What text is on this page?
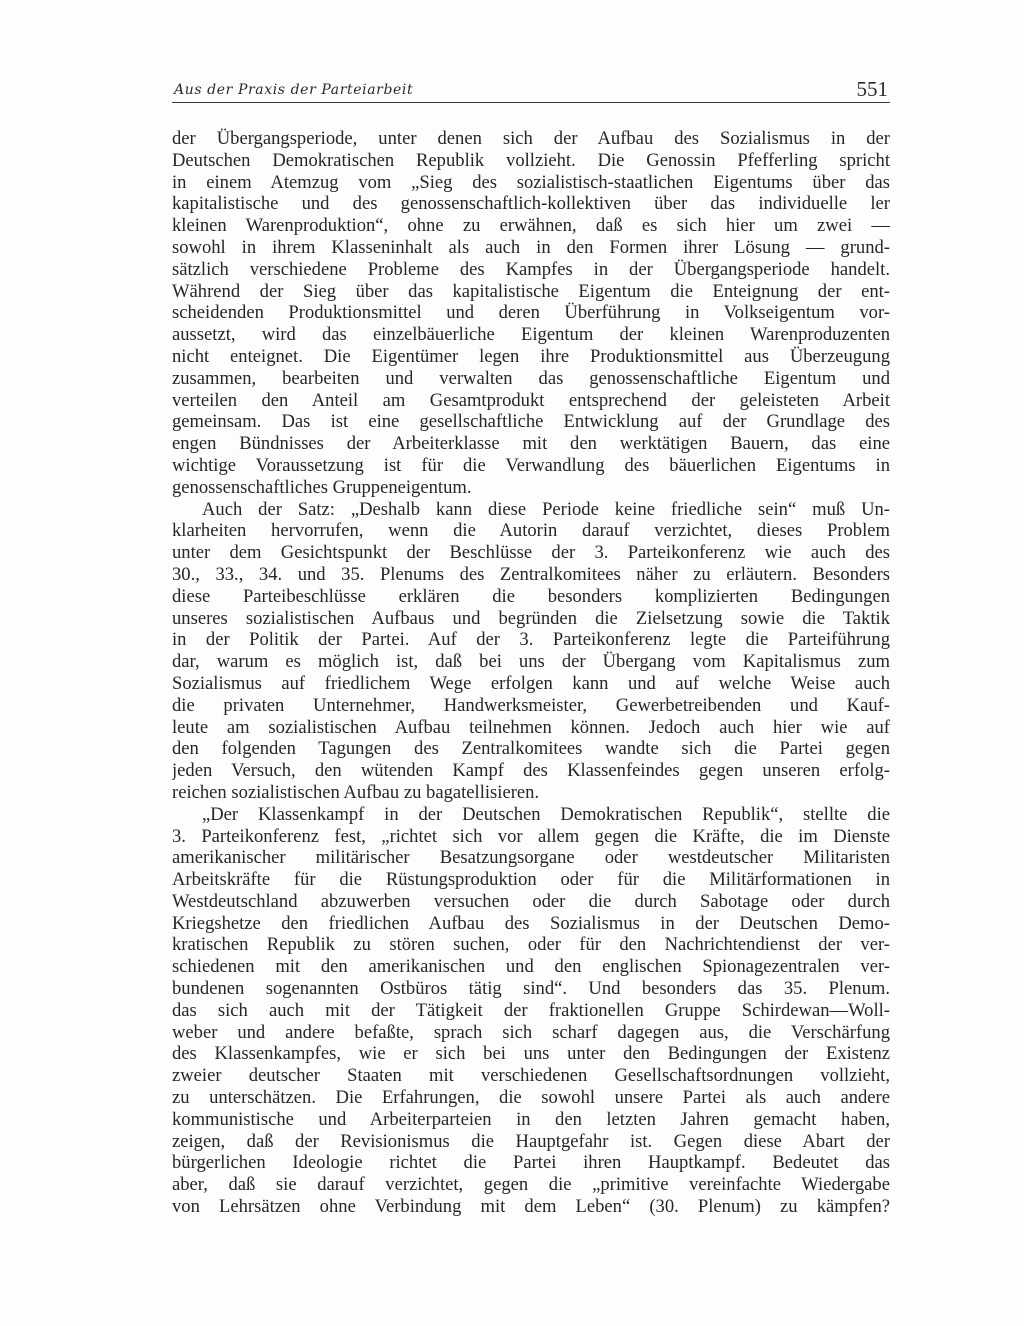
Aus der Praxis der Parteiarbeit	551
der Übergangsperiode, unter denen sich der Aufbau des Sozialismus in der
Deutschen Demokratischen Republik vollzieht. Die Genossin Pfefferling spricht
in einem Atemzug vom „Sieg des sozialistisch-staatlichen Eigentums über das
kapitalistische und des genossenschaftlich-kollektiven über das individuelle ler
kleinen Warenproduktion“, ohne zu erwähnen, daß es sich hier um zwei —
sowohl in ihrem Klasseninhalt als auch in den Formen ihrer Lösung — grund-
sätzlich verschiedene Probleme des Kampfes in der Übergangsperiode handelt.
Während der Sieg über das kapitalistische Eigentum die Enteignung der ent-
scheidenden Produktionsmittel und deren Überführung in Volkseigentum vor-
aussetzt, wird das einzelbäuerliche Eigentum der kleinen Warenproduzenten
nicht enteignet. Die Eigentümer legen ihre Produktionsmittel aus Überzeugung
zusammen, bearbeiten und verwalten das genossenschaftliche Eigentum und
verteilen den Anteil am Gesamtprodukt entsprechend der geleisteten Arbeit
gemeinsam. Das ist eine gesellschaftliche Entwicklung auf der Grundlage des
engen Bündnisses der Arbeiterklasse mit den werktätigen Bauern, das eine
wichtige Voraussetzung ist für die Verwandlung des bäuerlichen Eigentums in
genossenschaftliches Gruppeneigentum.
Auch der Satz: „Deshalb kann diese Periode keine friedliche sein“ muß Un-
klarheiten hervorrufen, wenn die Autorin darauf verzichtet, dieses Problem
unter dem Gesichtspunkt der Beschlüsse der 3. Parteikonferenz wie auch des
30., 33., 34. und 35. Plenums des Zentralkomitees näher zu erläutern. Besonders
diese Parteibeschlüsse erklären die besonders komplizierten Bedingungen
unseres sozialistischen Aufbaus und begründen die Zielsetzung sowie die Taktik
in der Politik der Partei. Auf der 3. Parteikonferenz legte die Parteiführung
dar, warum es möglich ist, daß bei uns der Übergang vom Kapitalismus zum
Sozialismus auf friedlichem Wege erfolgen kann und auf welche Weise auch
die privaten Unternehmer, Handwerksmeister, Gewerbetreibenden und Kauf-
leute am sozialistischen Aufbau teilnehmen können. Jedoch auch hier wie auf
den folgenden Tagungen des Zentralkomitees wandte sich die Partei gegen
jeden Versuch, den wütenden Kampf des Klassenfeindes gegen unseren erfolg-
reichen sozialistischen Aufbau zu bagatellisieren.
„Der Klassenkampf in der Deutschen Demokratischen Republik“, stellte die
3. Parteikonferenz fest, „richtet sich vor allem gegen die Kräfte, die im Dienste
amerikanischer militärischer Besatzungsorgane oder westdeutscher Militaristen
Arbeitskräfte für die Rüstungsproduktion oder für die Militärformationen in
Westdeutschland abzuwerben versuchen oder die durch Sabotage oder durch
Kriegshetze den friedlichen Aufbau des Sozialismus in der Deutschen Demo-
kratischen Republik zu stören suchen, oder für den Nachrichtendienst der ver-
schiedenen mit den amerikanischen und den englischen Spionagezentralen ver-
bundenen sogenannten Ostbüros tätig sind“. Und besonders das 35. Plenum.
das sich auch mit der Tätigkeit der fraktionellen Gruppe Schirdewan—Woll-
weber und andere befaßte, sprach sich scharf dagegen aus, die Verschärfung
des Klassenkampfes, wie er sich bei uns unter den Bedingungen der Existenz
zweier deutscher Staaten mit verschiedenen Gesellschaftsordnungen vollzieht,
zu unterschätzen. Die Erfahrungen, die sowohl unsere Partei als auch andere
kommunistische und Arbeiterparteien in den letzten Jahren gemacht haben,
zeigen, daß der Revisionismus die Hauptgefahr ist. Gegen diese Abart der
bürgerlichen Ideologie richtet die Partei ihren Hauptkampf. Bedeutet das
aber, daß sie darauf verzichtet, gegen die „primitive vereinfachte Wiedergabe
von Lehrsätzen ohne Verbindung mit dem Leben“ (30. Plenum) zu kämpfen?
